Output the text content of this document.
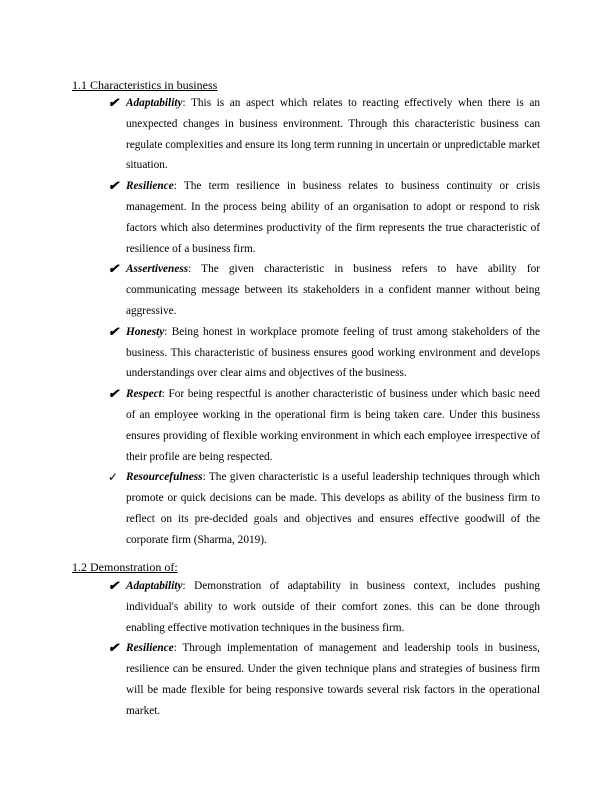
1.1 Characteristics in business
✔ Adaptability: This is an aspect which relates to reacting effectively when there is an unexpected changes in business environment. Through this characteristic business can regulate complexities and ensure its long term running in uncertain or unpredictable market situation.
✔ Resilience: The term resilience in business relates to business continuity or crisis management. In the process being ability of an organisation to adopt or respond to risk factors which also determines productivity of the firm represents the true characteristic of resilience of a business firm.
✔ Assertiveness: The given characteristic in business refers to have ability for communicating message between its stakeholders in a confident manner without being aggressive.
✔ Honesty: Being honest in workplace promote feeling of trust among stakeholders of the business. This characteristic of business ensures good working environment and develops understandings over clear aims and objectives of the business.
✔ Respect: For being respectful is another characteristic of business under which basic need of an employee working in the operational firm is being taken care. Under this business ensures providing of flexible working environment in which each employee irrespective of their profile are being respected.
✓ Resourcefulness: The given characteristic is a useful leadership techniques through which promote or quick decisions can be made. This develops as ability of the business firm to reflect on its pre-decided goals and objectives and ensures effective goodwill of the corporate firm (Sharma, 2019).
1.2 Demonstration of:
✔ Adaptability: Demonstration of adaptability in business context, includes pushing individual's ability to work outside of their comfort zones. this can be done through enabling effective motivation techniques in the business firm.
✔ Resilience: Through implementation of management and leadership tools in business, resilience can be ensured. Under the given technique plans and strategies of business firm will be made flexible for being responsive towards several risk factors in the operational market.
